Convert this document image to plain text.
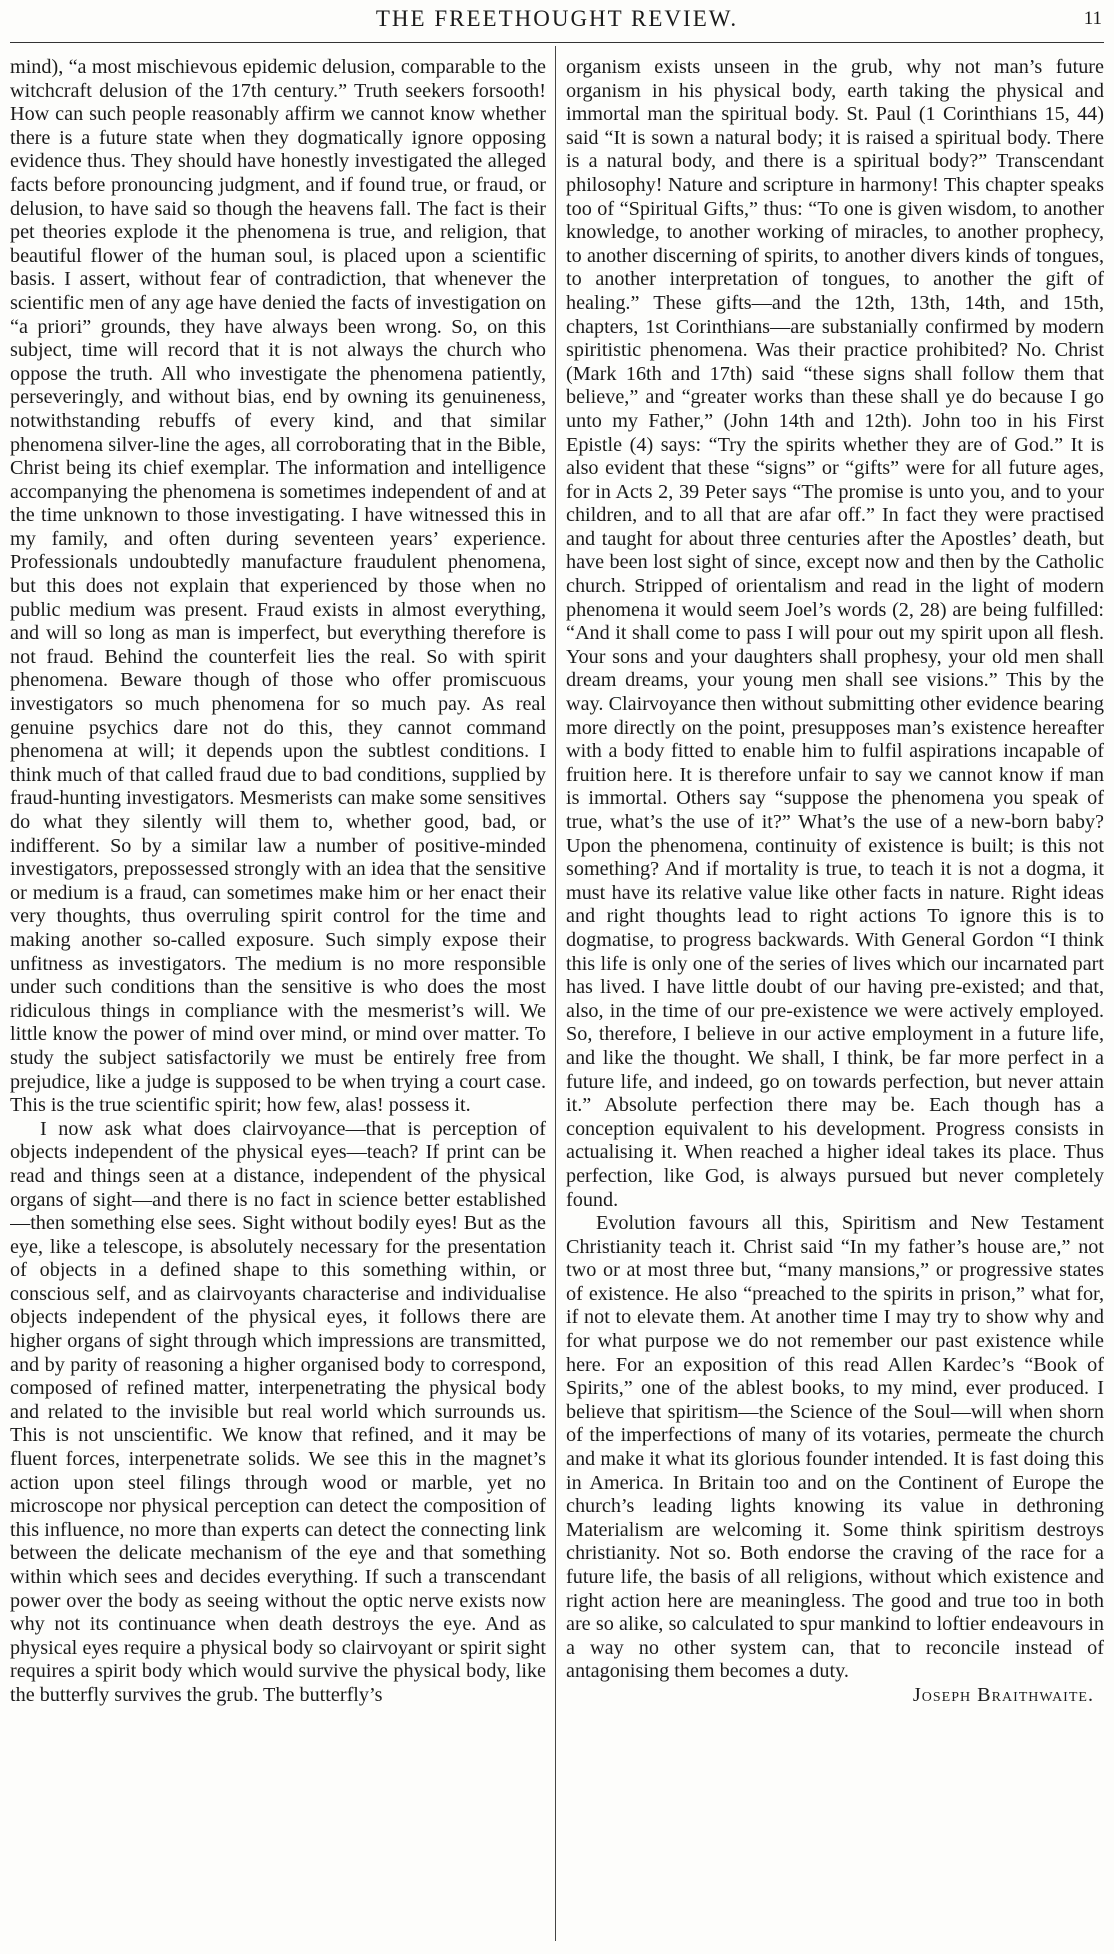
THE FREETHOUGHT REVIEW.	11

mind), “a most mischievous epidemic delusion, comparable to the witchcraft delusion of the 17th century.” Truth seekers forsooth! How can such people reasonably affirm we cannot know whether there is a future state when they dogmatically ignore opposing evidence thus. They should have honestly investigated the alleged facts before pronouncing judgment, and if found true, or fraud, or delusion, to have said so though the heavens fall. The fact is their pet theories explode it the phenomena is true, and religion, that beautiful flower of the human soul, is placed upon a scientific basis. I assert, without fear of contradiction, that whenever the scientific men of any age have denied the facts of investigation on “a priori” grounds, they have always been wrong. So, on this subject, time will record that it is not always the church who oppose the truth. All who investigate the phenomena patiently, perseveringly, and without bias, end by owning its genuineness, notwithstanding rebuffs of every kind, and that similar phenomena silver-line the ages, all corroborating that in the Bible, Christ being its chief exemplar. The information and intelligence accompanying the phenomena is sometimes independent of and at the time unknown to those investigating. I have witnessed this in my family, and often during seventeen years’ experience. Professionals undoubtedly manufacture fraudulent phenomena, but this does not explain that experienced by those when no public medium was present. Fraud exists in almost everything, and will so long as man is imperfect, but everything therefore is not fraud. Behind the counterfeit lies the real. So with spirit phenomena. Beware though of those who offer promiscuous investigators so much phenomena for so much pay. As real genuine psychics dare not do this, they cannot command phenomena at will; it depends upon the subtlest conditions. I think much of that called fraud due to bad conditions, supplied by fraud-hunting investigators. Mesmerists can make some sensitives do what they silently will them to, whether good, bad, or indifferent. So by a similar law a number of positive-minded investigators, prepossessed strongly with an idea that the sensitive or medium is a fraud, can sometimes make him or her enact their very thoughts, thus overruling spirit control for the time and making another so-called exposure. Such simply expose their unfitness as investigators. The medium is no more responsible under such conditions than the sensitive is who does the most ridiculous things in compliance with the mesmerist’s will. We little know the power of mind over mind, or mind over matter. To study the subject satisfactorily we must be entirely free from prejudice, like a judge is supposed to be when trying a court case. This is the true scientific spirit; how few, alas! possess it.

I now ask what does clairvoyance—that is perception of objects independent of the physical eyes—teach? If print can be read and things seen at a distance, independent of the physical organs of sight—and there is no fact in science better established—then something else sees. Sight without bodily eyes! But as the eye, like a telescope, is absolutely necessary for the presentation of objects in a defined shape to this something within, or conscious self, and as clairvoyants characterise and individualise objects independent of the physical eyes, it follows there are higher organs of sight through which impressions are transmitted, and by parity of reasoning a higher organised body to correspond, composed of refined matter, interpenetrating the physical body and related to the invisible but real world which surrounds us. This is not unscientific. We know that refined, and it may be fluent forces, interpenetrate solids. We see this in the magnet’s action upon steel filings through wood or marble, yet no microscope nor physical perception can detect the composition of this influence, no more than experts can detect the connecting link between the delicate mechanism of the eye and that something within which sees and decides everything. If such a transcendant power over the body as seeing without the optic nerve exists now why not its continuance when death destroys the eye. And as physical eyes require a physical body so clairvoyant or spirit sight requires a spirit body which would survive the physical body, like the butterfly survives the grub. The butterfly’s

organism exists unseen in the grub, why not man’s future organism in his physical body, earth taking the physical and immortal man the spiritual body. St. Paul (1 Corinthians 15, 44) said “It is sown a natural body; it is raised a spiritual body. There is a natural body, and there is a spiritual body?” Transcendant philosophy! Nature and scripture in harmony! This chapter speaks too of “Spiritual Gifts,” thus: “To one is given wisdom, to another knowledge, to another working of miracles, to another prophecy, to another discerning of spirits, to another divers kinds of tongues, to another interpretation of tongues, to another the gift of healing.” These gifts—and the 12th, 13th, 14th, and 15th, chapters, 1st Corinthians—are substanially confirmed by modern spiritistic phenomena. Was their practice prohibited? No. Christ (Mark 16th and 17th) said “these signs shall follow them that believe,” and “greater works than these shall ye do because I go unto my Father,” (John 14th and 12th). John too in his First Epistle (4) says: “Try the spirits whether they are of God.” It is also evident that these “signs” or “gifts” were for all future ages, for in Acts 2, 39 Peter says “The promise is unto you, and to your children, and to all that are afar off.” In fact they were practised and taught for about three centuries after the Apostles’ death, but have been lost sight of since, except now and then by the Catholic church. Stripped of orientalism and read in the light of modern phenomena it would seem Joel’s words (2, 28) are being fulfilled: “And it shall come to pass I will pour out my spirit upon all flesh. Your sons and your daughters shall prophesy, your old men shall dream dreams, your young men shall see visions.” This by the way. Clairvoyance then without submitting other evidence bearing more directly on the point, presupposes man’s existence hereafter with a body fitted to enable him to fulfil aspirations incapable of fruition here. It is therefore unfair to say we cannot know if man is immortal. Others say “suppose the phenomena you speak of true, what’s the use of it?” What’s the use of a new-born baby? Upon the phenomena, continuity of existence is built; is this not something? And if mortality is true, to teach it is not a dogma, it must have its relative value like other facts in nature. Right ideas and right thoughts lead to right actions To ignore this is to dogmatise, to progress backwards. With General Gordon “I think this life is only one of the series of lives which our incarnated part has lived. I have little doubt of our having pre-existed; and that, also, in the time of our pre-existence we were actively employed. So, therefore, I believe in our active employment in a future life, and like the thought. We shall, I think, be far more perfect in a future life, and indeed, go on towards perfection, but never attain it.” Absolute perfection there may be. Each though has a conception equivalent to his development. Progress consists in actualising it. When reached a higher ideal takes its place. Thus perfection, like God, is always pursued but never completely found.

Evolution favours all this, Spiritism and New Testament Christianity teach it. Christ said “In my father’s house are,” not two or at most three but, “many mansions,” or progressive states of existence. He also “preached to the spirits in prison,” what for, if not to elevate them. At another time I may try to show why and for what purpose we do not remember our past existence while here. For an exposition of this read Allen Kardec’s “Book of Spirits,” one of the ablest books, to my mind, ever produced. I believe that spiritism—the Science of the Soul—will when shorn of the imperfections of many of its votaries, permeate the church and make it what its glorious founder intended. It is fast doing this in America. In Britain too and on the Continent of Europe the church’s leading lights knowing its value in dethroning Materialism are welcoming it. Some think spiritism destroys christianity. Not so. Both endorse the craving of the race for a future life, the basis of all religions, without which existence and right action here are meaningless. The good and true too in both are so alike, so calculated to spur mankind to loftier endeavours in a way no other system can, that to reconcile instead of antagonising them becomes a duty.

Joseph Braithwaite.
